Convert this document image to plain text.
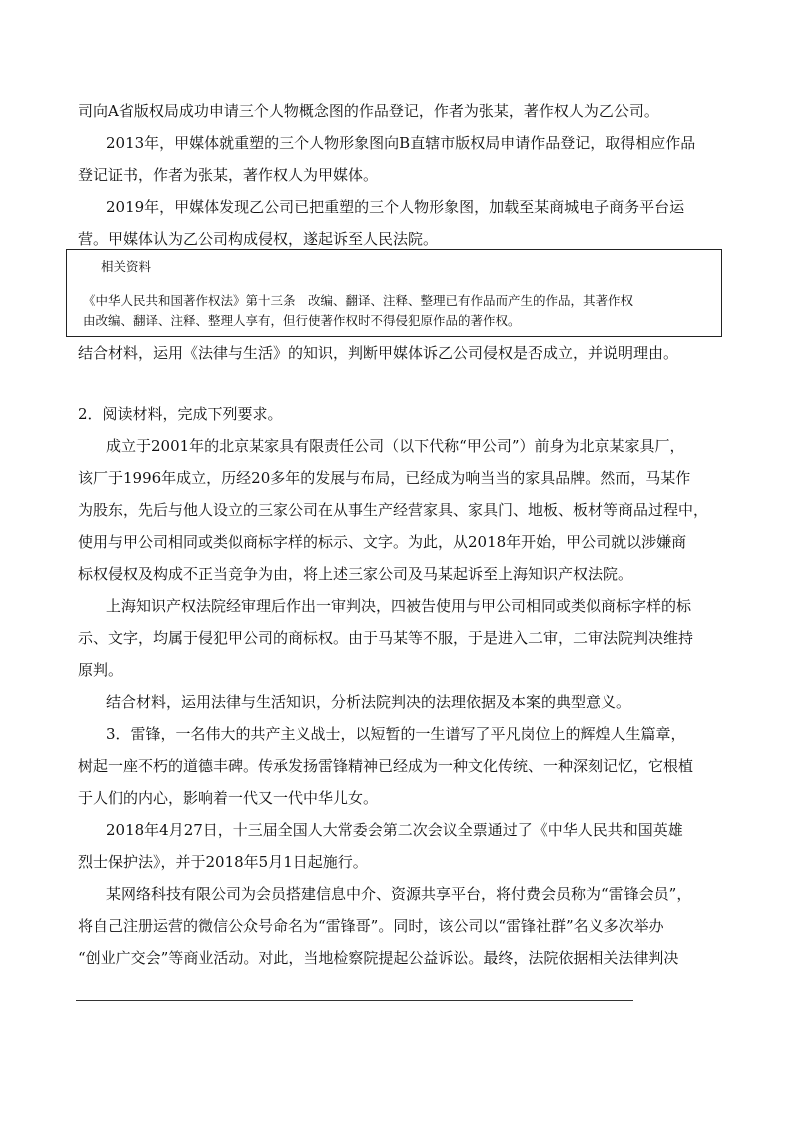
司向A省版权局成功申请三个人物概念图的作品登记，作者为张某，著作权人为乙公司。
2013年，甲媒体就重塑的三个人物形象图向B直辖市版权局申请作品登记，取得相应作品
登记证书，作者为张某，著作权人为甲媒体。
2019年，甲媒体发现乙公司已把重塑的三个人物形象图，加载至某商城电子商务平台运
营。甲媒体认为乙公司构成侵权，遂起诉至人民法院。
相关资料
《中华人民共和国著作权法》第十三条　改编、翻译、注释、整理已有作品而产生的作品，其著作权
由改编、翻译、注释、整理人享有，但行使著作权时不得侵犯原作品的著作权。
结合材料，运用《法律与生活》的知识，判断甲媒体诉乙公司侵权是否成立，并说明理由。
2．阅读材料，完成下列要求。
成立于2001年的北京某家具有限责任公司（以下代称“甲公司”）前身为北京某家具厂，
该厂于1996年成立，历经20多年的发展与布局，已经成为响当当的家具品牌。然而，马某作
为股东，先后与他人设立的三家公司在从事生产经营家具、家具门、地板、板材等商品过程中，
使用与甲公司相同或类似商标字样的标示、文字。为此，从2018年开始，甲公司就以涉嫌商
标权侵权及构成不正当竞争为由，将上述三家公司及马某起诉至上海知识产权法院。
上海知识产权法院经审理后作出一审判决，四被告使用与甲公司相同或类似商标字样的标
示、文字，均属于侵犯甲公司的商标权。由于马某等不服，于是进入二审，二审法院判决维持
原判。
结合材料，运用法律与生活知识，分析法院判决的法理依据及本案的典型意义。
3．雷锋，一名伟大的共产主义战士，以短暂的一生谱写了平凡岗位上的辉煌人生篇章，
树起一座不朽的道德丰碑。传承发扬雷锋精神已经成为一种文化传统、一种深刻记忆，它根植
于人们的内心，影响着一代又一代中华儿女。
2018年4月27日，十三届全国人大常委会第二次会议全票通过了《中华人民共和国英雄
烈士保护法》，并于2018年5月1日起施行。
某网络科技有限公司为会员搭建信息中介、资源共享平台，将付费会员称为“雷锋会员”，
将自己注册运营的微信公众号命名为“雷锋哥”。同时，该公司以“雷锋社群”名义多次举办
“创业广交会”等商业活动。对此，当地检察院提起公益诉讼。最终，法院依据相关法律判决
